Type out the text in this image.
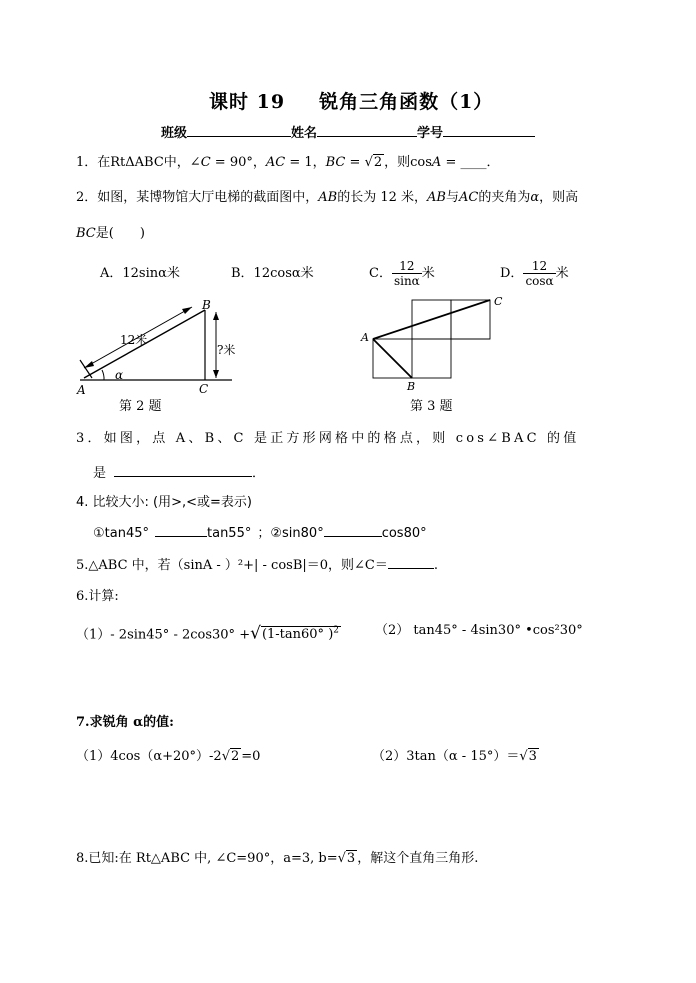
课时 19 锐角三角函数（1）
班级	姓名	学号
1．在RtΔABC中，∠C = 90°，AC = 1，BC = √2 ，则cosA = ____．
2．如图，某博物馆大厅电梯的截面图中，AB的长为 12 米，AB与AC的夹角为α，则高
BC是(　　)
A．12sinα米	B．12cosα米	C． $\frac{12}{\sin\alpha}$ 米	D． $\frac{12}{\cos\alpha}$ 米
A
B
C
α
12米
?米
第 2 题
A
B
C
第 3 题
3．如图，点 A、B、C 是正方形网格中的格点，则 cos∠BAC 的值
是	．
4. 比较大小: (用>,<或=表示)
①tan45°	tan55° ；②sin80°	cos80°
5.△ABC 中，若（sinA - ）²+| - cosB|＝0，则∠C＝	.
6.计算:
（1）- 2sin45° - 2cos30° +√(1-tan60° )$^2$	（2） tan45° - 4sin30° •cos²30°
7.求锐角 α的值:
（1）4cos（α+20°）-2√2 =0	（2）3tan（α - 15°）＝√3
8.已知:在 Rt△ABC 中, ∠C=90°，a=3, b=√3 ，解这个直角三角形.
